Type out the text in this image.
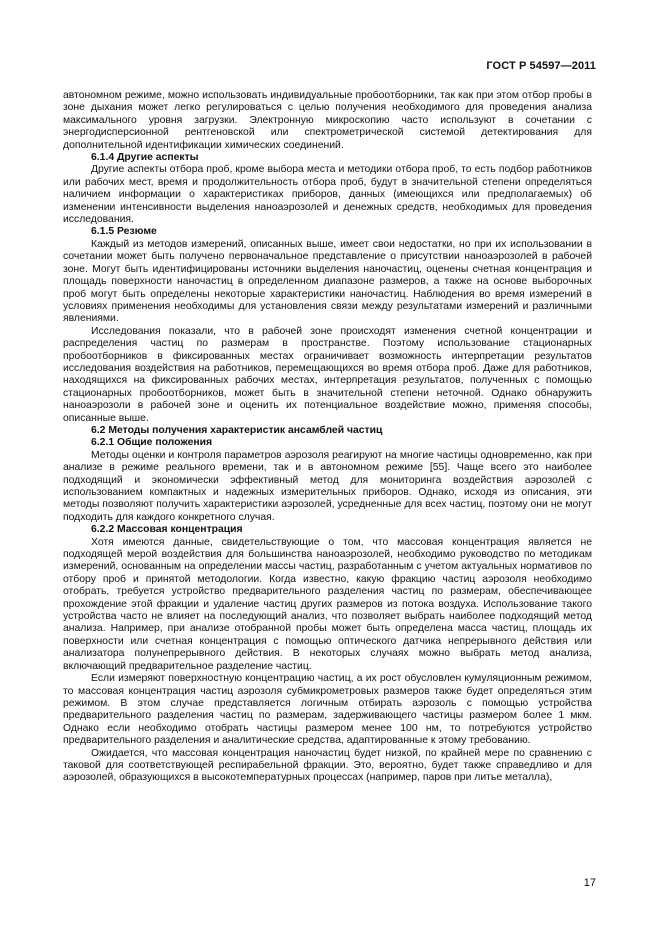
ГОСТ Р 54597—2011

автономном режиме, можно использовать индивидуальные пробоотборники, так как при этом отбор пробы в зоне дыхания может легко регулироваться с целью получения необходимого для проведения анализа максимального уровня загрузки. Электронную микроскопию часто используют в сочетании с энергодисперсионной рентгеновской или спектрометрической системой детектирования для дополнительной идентификации химических соединений.

6.1.4 Другие аспекты

Другие аспекты отбора проб, кроме выбора места и методики отбора проб, то есть подбор работников или рабочих мест, время и продолжительность отбора проб, будут в значительной степени определяться наличием информации о характеристиках приборов, данных (имеющихся или предполагаемых) об изменении интенсивности выделения наноаэрозолей и денежных средств, необходимых для проведения исследования.

6.1.5 Резюме

Каждый из методов измерений, описанных выше, имеет свои недостатки, но при их использовании в сочетании может быть получено первоначальное представление о присутствии наноаэрозолей в рабочей зоне. Могут быть идентифицированы источники выделения наночастиц, оценены счетная концентрация и площадь поверхности наночастиц в определенном диапазоне размеров, а также на основе выборочных проб могут быть определены некоторые характеристики наночастиц. Наблюдения во время измерений в условиях применения необходимы для установления связи между результатами измерений и различными явлениями.

Исследования показали, что в рабочей зоне происходят изменения счетной концентрации и распределения частиц по размерам в пространстве. Поэтому использование стационарных пробоотборников в фиксированных местах ограничивает возможность интерпретации результатов исследования воздействия на работников, перемещающихся во время отбора проб. Даже для работников, находящихся на фиксированных рабочих местах, интерпретация результатов, полученных с помощью стационарных пробоотборников, может быть в значительной степени неточной. Однако обнаружить наноаэрозоли в рабочей зоне и оценить их потенциальное воздействие можно, применяя способы, описанные выше.

6.2 Методы получения характеристик ансамблей частиц

6.2.1 Общие положения

Методы оценки и контроля параметров аэрозоля реагируют на многие частицы одновременно, как при анализе в режиме реального времени, так и в автономном режиме [55]. Чаще всего это наиболее подходящий и экономически эффективный метод для мониторинга воздействия аэрозолей с использованием компактных и надежных измерительных приборов. Однако, исходя из описания, эти методы позволяют получить характеристики аэрозолей, усредненные для всех частиц, поэтому они не могут подходить для каждого конкретного случая.

6.2.2 Массовая концентрация

Хотя имеются данные, свидетельствующие о том, что массовая концентрация является не подходящей мерой воздействия для большинства наноаэрозолей, необходимо руководство по методикам измерений, основанным на определении массы частиц, разработанным с учетом актуальных нормативов по отбору проб и принятой методологии. Когда известно, какую фракцию частиц аэрозоля необходимо отобрать, требуется устройство предварительного разделения частиц по размерам, обеспечивающее прохождение этой фракции и удаление частиц других размеров из потока воздуха. Использование такого устройства часто не влияет на последующий анализ, что позволяет выбрать наиболее подходящий метод анализа. Например, при анализе отобранной пробы может быть определена масса частиц, площадь их поверхности или счетная концентрация с помощью оптического датчика непрерывного действия или анализатора полунепрерывного действия. В некоторых случаях можно выбрать метод анализа, включающий предварительное разделение частиц.

Если измеряют поверхностную концентрацию частиц, а их рост обусловлен кумуляционным режимом, то массовая концентрация частиц аэрозоля субмикрометровых размеров также будет определяться этим режимом. В этом случае представляется логичным отбирать аэрозоль с помощью устройства предварительного разделения частиц по размерам, задерживающего частицы размером более 1 мкм. Однако если необходимо отобрать частицы размером менее 100 нм, то потребуются устройство предварительного разделения и аналитические средства, адаптированные к этому требованию.

Ожидается, что массовая концентрация наночастиц будет низкой, по крайней мере по сравнению с таковой для соответствующей респирабельной фракции. Это, вероятно, будет также справедливо и для аэрозолей, образующихся в высокотемпературных процессах (например, паров при литье металла),

17
